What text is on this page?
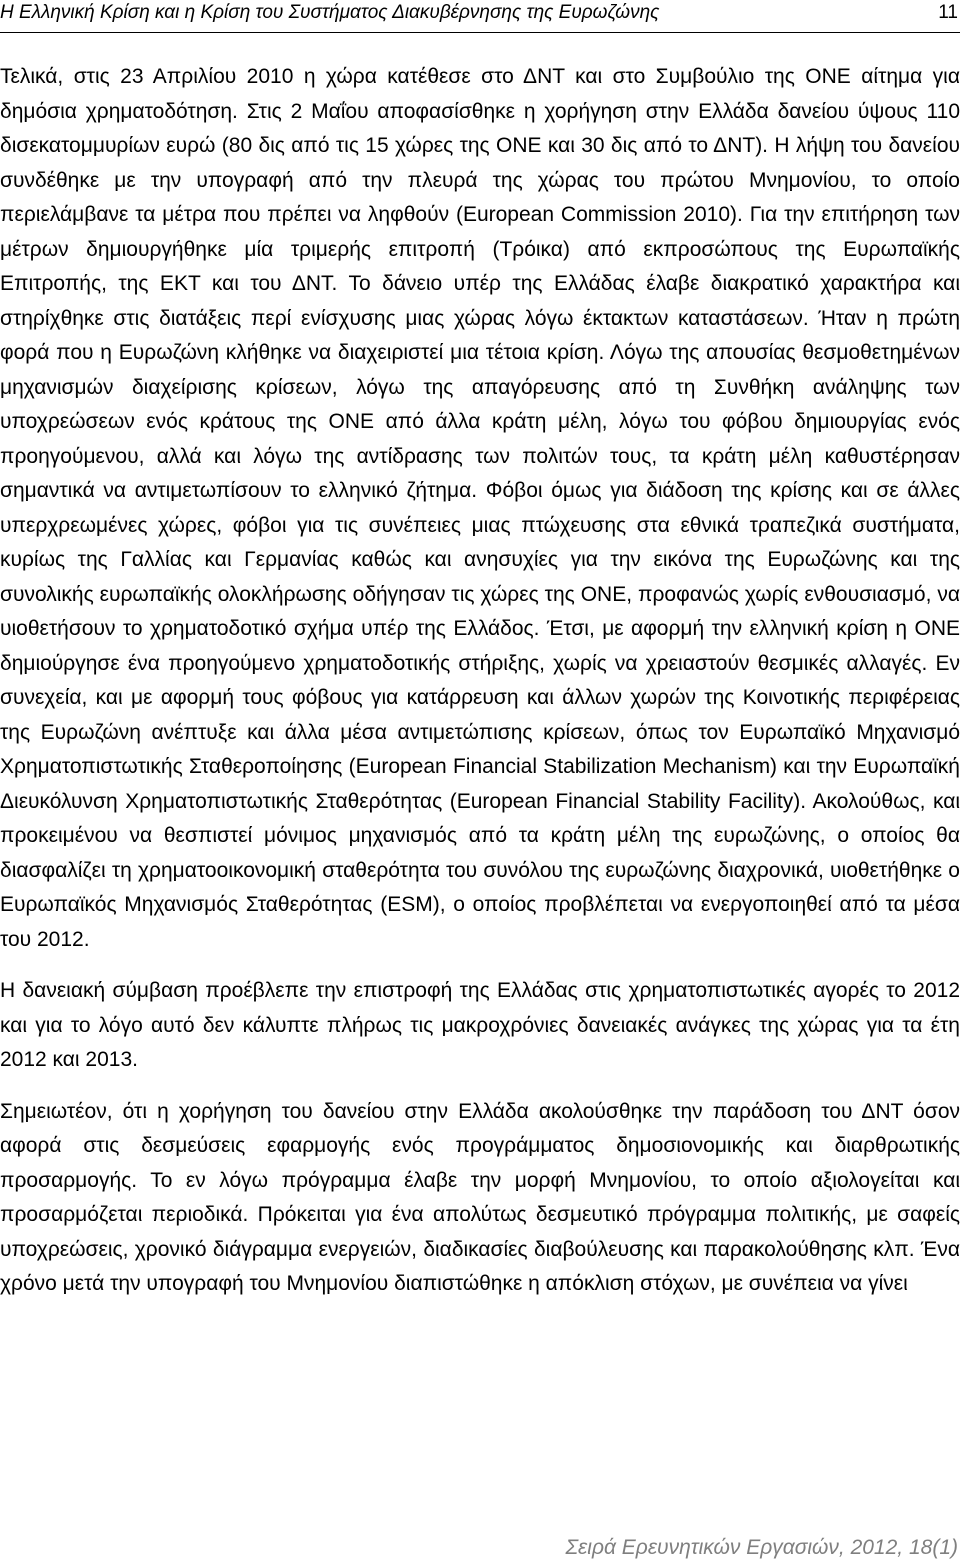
Η Ελληνική Κρίση και η Κρίση του Συστήματος Διακυβέρνησης της Ευρωζώνης	11

Τελικά, στις 23 Απριλίου 2010 η χώρα κατέθεσε στο ΔΝΤ και στο Συμβούλιο της ΟΝΕ αίτημα για δημόσια χρηματοδότηση. Στις 2 Μαΐου αποφασίσθηκε η χορήγηση στην Ελλάδα δανείου ύψους 110 δισεκατομμυρίων ευρώ (80 δις από τις 15 χώρες της ΟΝΕ και 30 δις από το ΔΝΤ). Η λήψη του δανείου συνδέθηκε με την υπογραφή από την πλευρά της χώρας του πρώτου Μνημονίου, το οποίο περιελάμβανε τα μέτρα που πρέπει να ληφθούν (European Commission 2010). Για την επιτήρηση των μέτρων δημιουργήθηκε μία τριμερής επιτροπή (Τρόικα) από εκπροσώπους της Ευρωπαϊκής Επιτροπής, της ΕΚΤ και του ΔΝΤ. Το δάνειο υπέρ της Ελλάδας έλαβε διακρατικό χαρακτήρα και στηρίχθηκε στις διατάξεις περί ενίσχυσης μιας χώρας λόγω έκτακτων καταστάσεων. Ήταν η πρώτη φορά που η Ευρωζώνη κλήθηκε να διαχειριστεί μια τέτοια κρίση. Λόγω της απουσίας θεσμοθετημένων μηχανισμών διαχείρισης κρίσεων, λόγω της απαγόρευσης από τη Συνθήκη ανάληψης των υποχρεώσεων ενός κράτους της ΟΝΕ από άλλα κράτη μέλη, λόγω του φόβου δημιουργίας ενός προηγούμενου, αλλά και λόγω της αντίδρασης των πολιτών τους, τα κράτη μέλη καθυστέρησαν σημαντικά να αντιμετωπίσουν το ελληνικό ζήτημα. Φόβοι όμως για διάδοση της κρίσης και σε άλλες υπερχρεωμένες χώρες, φόβοι για τις συνέπειες μιας πτώχευσης στα εθνικά τραπεζικά συστήματα, κυρίως της Γαλλίας και Γερμανίας καθώς και ανησυχίες για την εικόνα της Ευρωζώνης και της συνολικής ευρωπαϊκής ολοκλήρωσης οδήγησαν τις χώρες της ΟΝΕ, προφανώς χωρίς ενθουσιασμό, να υιοθετήσουν το χρηματοδοτικό σχήμα υπέρ της Ελλάδος. Έτσι, με αφορμή την ελληνική κρίση η ΟΝΕ δημιούργησε ένα προηγούμενο χρηματοδοτικής στήριξης, χωρίς να χρειαστούν θεσμικές αλλαγές. Εν συνεχεία, και με αφορμή τους φόβους για κατάρρευση και άλλων χωρών της Κοινοτικής περιφέρειας της Ευρωζώνη ανέπτυξε και άλλα μέσα αντιμετώπισης κρίσεων, όπως τον Ευρωπαϊκό Μηχανισμό Χρηματοπιστωτικής Σταθεροποίησης (European Financial Stabilization Mechanism) και την Ευρωπαϊκή Διευκόλυνση Χρηματοπιστωτικής Σταθερότητας (European Financial Stability Facility). Ακολούθως, και προκειμένου να θεσπιστεί μόνιμος μηχανισμός από τα κράτη μέλη της ευρωζώνης, ο οποίος θα διασφαλίζει τη χρηματοοικονομική σταθερότητα του συνόλου της ευρωζώνης διαχρονικά, υιοθετήθηκε ο Ευρωπαϊκός Μηχανισμός Σταθερότητας (ESM), ο οποίος προβλέπεται να ενεργοποιηθεί από τα μέσα του 2012.

Η δανειακή σύμβαση προέβλεπε την επιστροφή της Ελλάδας στις χρηματοπιστωτικές αγορές το 2012 και για το λόγο αυτό δεν κάλυπτε πλήρως τις μακροχρόνιες δανειακές ανάγκες της χώρας για τα έτη 2012 και 2013.

Σημειωτέον, ότι η χορήγηση του δανείου στην Ελλάδα ακολούσθηκε την παράδοση του ΔΝΤ όσον αφορά στις δεσμεύσεις εφαρμογής ενός προγράμματος δημοσιονομικής και διαρθρωτικής προσαρμογής. Το εν λόγω πρόγραμμα έλαβε την μορφή Μνημονίου, το οποίο αξιολογείται και προσαρμόζεται περιοδικά. Πρόκειται για ένα απολύτως δεσμευτικό πρόγραμμα πολιτικής, με σαφείς υποχρεώσεις, χρονικό διάγραμμα ενεργειών, διαδικασίες διαβούλευσης και παρακολούθησης κλπ. Ένα χρόνο μετά την υπογραφή του Μνημονίου διαπιστώθηκε η απόκλιση στόχων, με συνέπεια να γίνει

Σειρά Ερευνητικών Εργασιών, 2012, 18(1)
